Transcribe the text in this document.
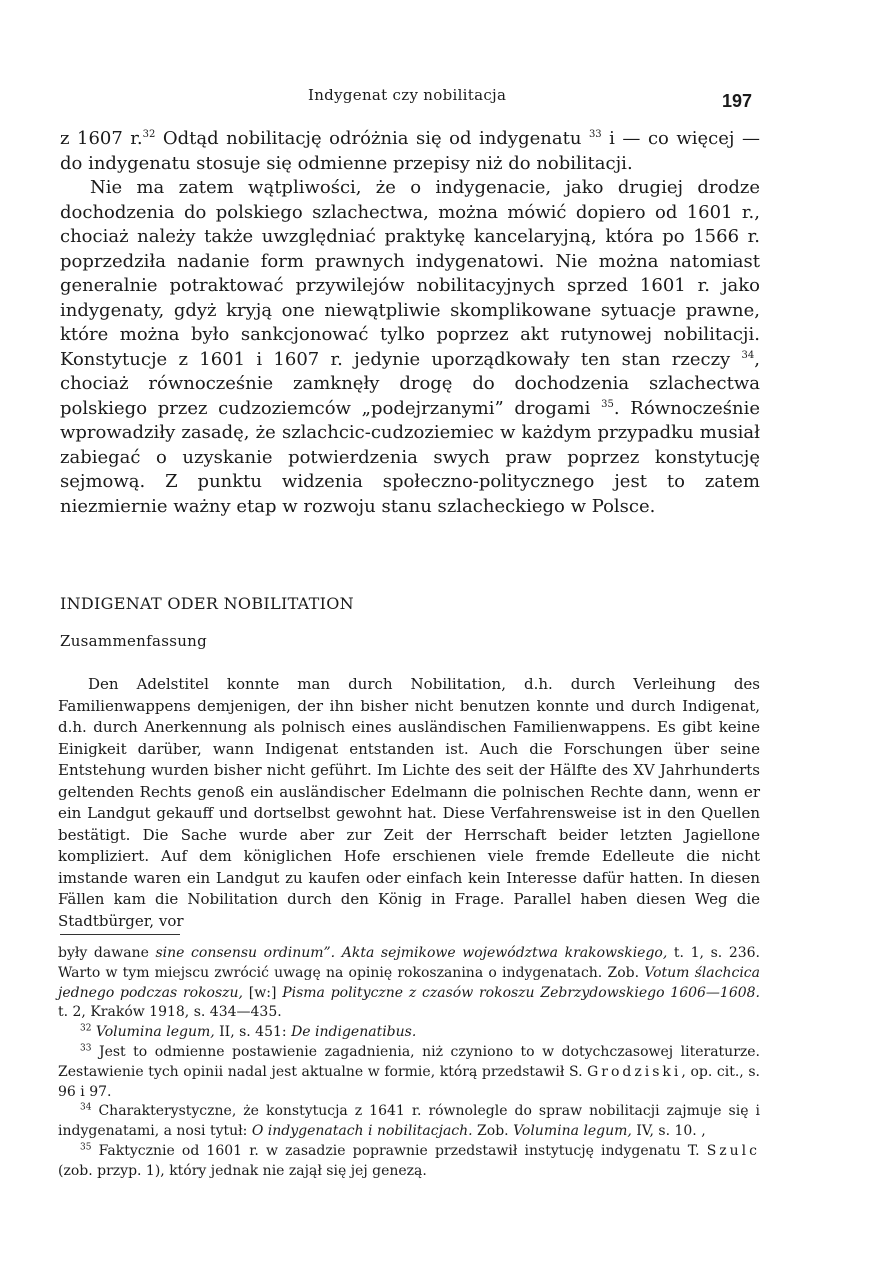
Indygenat czy nobilitacja	197

z 1607 r.$^{32}$ Odtąd nobilitację odróżnia się od indygenatu $^{33}$ i — co więcej — do indygenatu stosuje się odmienne przepisy niż do nobilitacji.

Nie ma zatem wątpliwości, że o indygenacie, jako drugiej drodze dochodzenia do polskiego szlachectwa, można mówić dopiero od 1601 r., chociaż należy także uwzględniać praktykę kancelaryjną, która po 1566 r. poprzedziła nadanie form prawnych indygenatowi. Nie można natomiast generalnie potraktować przywilejów nobilitacyjnych sprzed 1601 r. jako indygenaty, gdyż kryją one niewątpliwie skomplikowane sytuacje prawne, które można było sankcjonować tylko poprzez akt rutynowej nobilitacji. Konstytucje z 1601 i 1607 r. jedynie uporządkowały ten stan rzeczy $^{34}$, chociaż równocześnie zamknęły drogę do dochodzenia szlachectwa polskiego przez cudzoziemców „podejrzanymi” drogami $^{35}$. Równocześnie wprowadziły zasadę, że szlachcic-cudzoziemiec w każdym przypadku musiał zabiegać o uzyskanie potwierdzenia swych praw poprzez konstytucję sejmową. Z punktu widzenia społeczno-politycznego jest to zatem niezmiernie ważny etap w rozwoju stanu szlacheckiego w Polsce.

INDIGENAT ODER NOBILITATION
Zusammenfassung

Den Adelstitel konnte man durch Nobilitation, d.h. durch Verleihung des Familienwappens demjenigen, der ihn bisher nicht benutzen konnte und durch Indigenat, d.h. durch Anerkennung als polnisch eines ausländischen Familienwappens. Es gibt keine Einigkeit darüber, wann Indigenat entstanden ist. Auch die Forschungen über seine Entstehung wurden bisher nicht geführt. Im Lichte des seit der Hälfte des XV Jahrhunderts geltenden Rechts genoß ein ausländischer Edelmann die polnischen Rechte dann, wenn er ein Landgut gekauff und dortselbst gewohnt hat. Diese Verfahrensweise ist in den Quellen bestätigt. Die Sache wurde aber zur Zeit der Herrschaft beider letzten Jagiellone kompliziert. Auf dem königlichen Hofe erschienen viele fremde Edelleute die nicht imstande waren ein Landgut zu kaufen oder einfach kein Interesse dafür hatten. In diesen Fällen kam die Nobilitation durch den König in Frage. Parallel haben diesen Weg die Stadtbürger, vor

były dawane sine consensu ordinum”. Akta sejmikowe województwa krakowskiego, t. 1, s. 236. Warto w tym miejscu zwrócić uwagę na opinię rokoszanina o indygenatach. Zob. Votum ślachcica jednego podczas rokoszu, [w:] Pisma polityczne z czasów rokoszu Zebrzydowskiego 1606—1608. t. 2, Kraków 1918, s. 434—435.

$^{32}$ Volumina legum, II, s. 451: De indigenatibus.

$^{33}$ Jest to odmienne postawienie zagadnienia, niż czyniono to w dotychczasowej literaturze. Zestawienie tych opinii nadal jest aktualne w formie, którą przedstawił S. Grodziski, op. cit., s. 96 i 97.

$^{34}$ Charakterystyczne, że konstytucja z 1641 r. równolegle do spraw nobilitacji zajmuje się i indygenatami, a nosi tytuł: O indygenatach i nobilitacjach. Zob. Volumina legum, IV, s. 10. ,

$^{35}$ Faktycznie od 1601 r. w zasadzie poprawnie przedstawił instytucję indygenatu T. Szulc (zob. przyp. 1), który jednak nie zajął się jej genezą.
